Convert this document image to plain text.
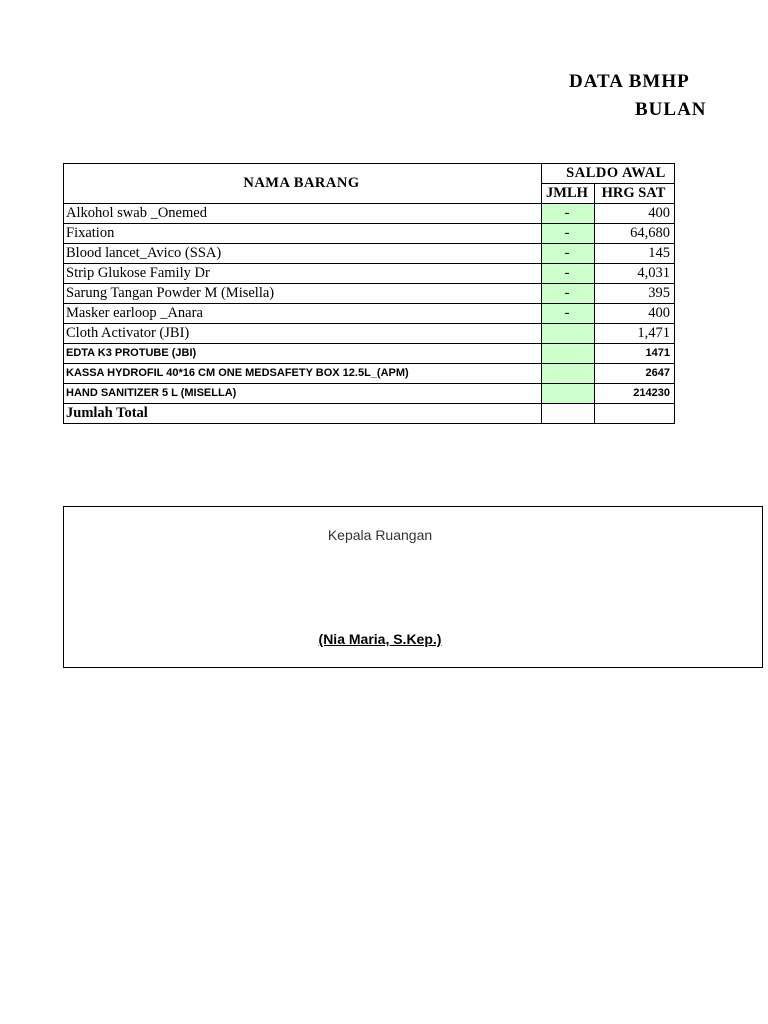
DATA BMHP
BULAN
NAMA BARANG	SALDO AWAL	
	JMLH	HRG SAT
Alkohol swab _Onemed	-	400
Fixation	-	64,680
Blood lancet_Avico (SSA)	-	145
Strip Glukose Family Dr	-	4,031
Sarung Tangan Powder M (Misella)	-	395
Masker earloop _Anara	-	400
Cloth Activator (JBI)		1,471
EDTA K3 PROTUBE (JBI)		1471
KASSA HYDROFIL 40*16 CM ONE MEDSAFETY BOX 12.5L_(APM)		2647
HAND SANITIZER 5 L (MISELLA)		214230
Jumlah Total		
Kepala Ruangan
(Nia Maria, S.Kep.)
